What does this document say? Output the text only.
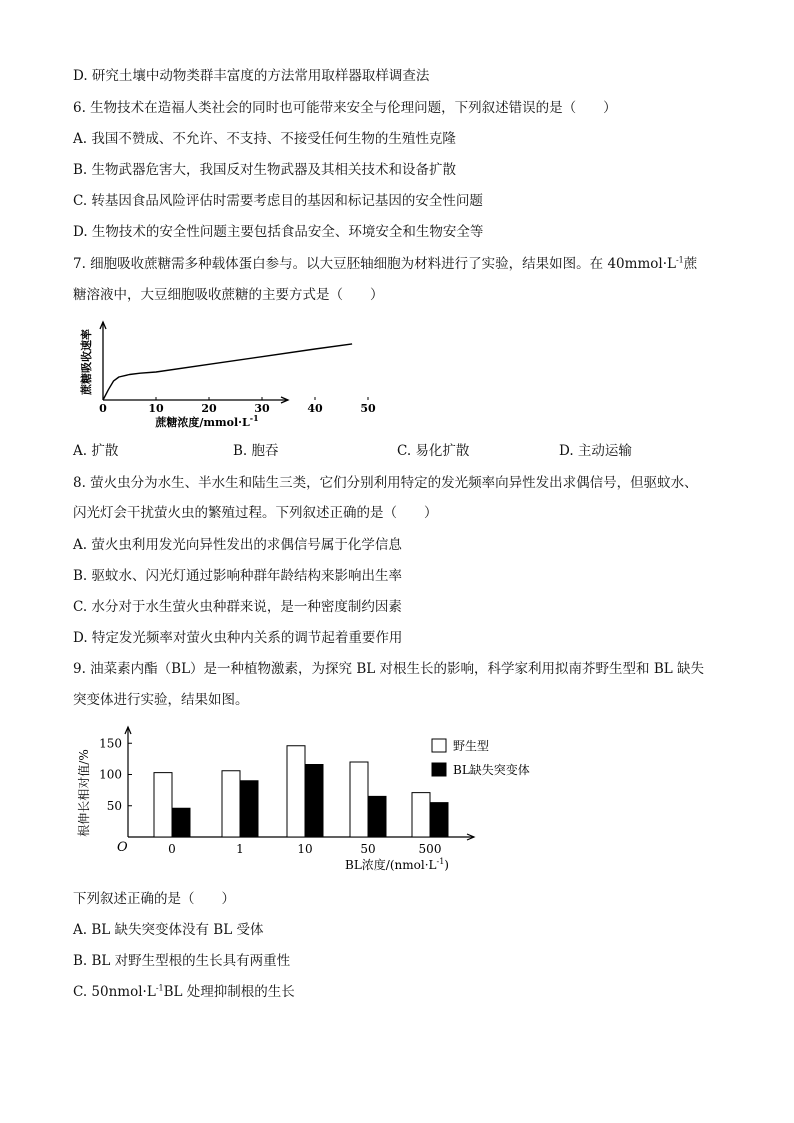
D. 研究土壤中动物类群丰富度的方法常用取样器取样调查法
6. 生物技术在造福人类社会的同时也可能带来安全与伦理问题，下列叙述错误的是（　　）
A. 我国不赞成、不允许、不支持、不接受任何生物的生殖性克隆
B. 生物武器危害大，我国反对生物武器及其相关技术和设备扩散
C. 转基因食品风险评估时需要考虑目的基因和标记基因的安全性问题
D. 生物技术的安全性问题主要包括食品安全、环境安全和生物安全等
7. 细胞吸收蔗糖需多种载体蛋白参与。以大豆胚轴细胞为材料进行了实验，结果如图。在 $40mmol\cdot L^{-1}$蔗
糖溶液中，大豆细胞吸收蔗糖的主要方式是（　　）
0	10	20	30	40	50
蔗糖吸收速率
蔗糖浓度$/mmol\cdot L^{-1}$
A. 扩散	B. 胞吞	C. 易化扩散	D. 主动运输
8. 萤火虫分为水生、半水生和陆生三类，它们分别利用特定的发光频率向异性发出求偶信号，但驱蚊水、
闪光灯会干扰萤火虫的繁殖过程。下列叙述正确的是（　　）
A. 萤火虫利用发光向异性发出的求偶信号属于化学信息
B. 驱蚊水、闪光灯通过影响种群年龄结构来影响出生率
C. 水分对于水生萤火虫种群来说，是一种密度制约因素
D. 特定发光频率对萤火虫种内关系的调节起着重要作用
9. 油菜素内酯（BL）是一种植物激素，为探究 BL 对根生长的影响，科学家利用拟南芥野生型和 BL 缺失
突变体进行实验，结果如图。
50
100
150
0	1	10	50	500
野生型
BL缺失突变体
根伸长相对值/%
BL浓度$/(nmol\cdot L^{-1})$
O
下列叙述正确的是（　　）
A. BL 缺失突变体没有 BL 受体
B. BL 对野生型根的生长具有两重性
C. $50nmol\cdot L^{-1}BL$ 处理抑制根的生长
